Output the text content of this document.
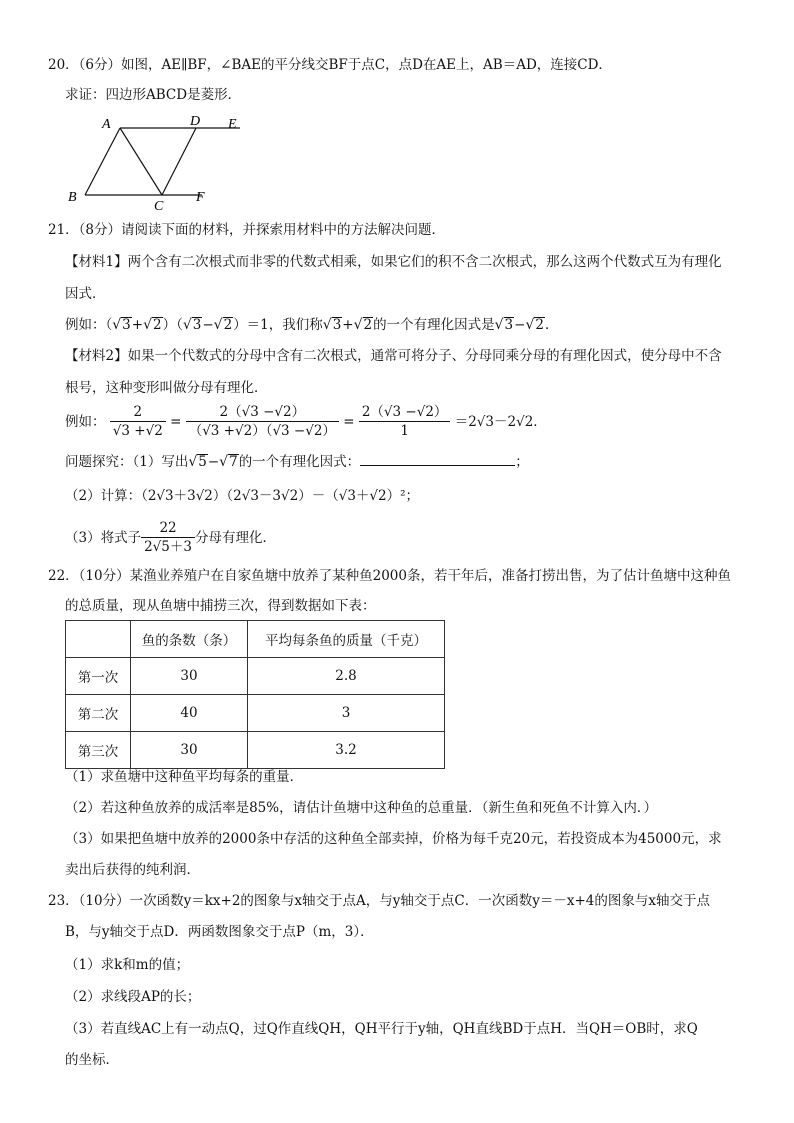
20．（6分）如图，AE∥BF，∠BAE的平分线交BF于点C，点D在AE上，AB＝AD，连接CD．
求证：四边形ABCD是菱形．
A	D E
B
C
F
21．（8分）请阅读下面的材料，并探索用材料中的方法解决问题．
【材料1】两个含有二次根式而非零的代数式相乘，如果它们的积不含二次根式，那么这两个代数式互为有理化
因式．
例如：（√3+√2）（√3−√2）＝1，我们称√3+√2的一个有理化因式是√3−√2．
【材料2】如果一个代数式的分母中含有二次根式，通常可将分子、分母同乘分母的有理化因式，使分母中不含
根号，这种变形叫做分母有理化．
例如： $\frac{2}{√3 +√2} = \frac{2(√3 -√2)}{(√3 +√2)(√3 -√2)} = \frac{2(√3 -√2)}{1} =2√3-2√2$．
问题探究：（1）写出√5−√7的一个有理化因式：	；
（2）计算：（2√3＋3√2）（2√3－3√2）－（√3＋√2）²；
（3）将式子 $\frac{22}{2√5+3}$ 分母有理化．
22．（10分）某渔业养殖户在自家鱼塘中放养了某种鱼2000条，若干年后，准备打捞出售，为了估计鱼塘中这种鱼
的总质量，现从鱼塘中捕捞三次，得到数据如下表：
	鱼的条数（条）	平均每条鱼的质量（千克）
第一次	30	2.8
第二次	40	3
第三次	30	3.2
（1）求鱼塘中这种鱼平均每条的重量．
（2）若这种鱼放养的成活率是85%，请估计鱼塘中这种鱼的总重量．（新生鱼和死鱼不计算入内．）
（3）如果把鱼塘中放养的2000条中存活的这种鱼全部卖掉，价格为每千克20元，若投资成本为45000元，求
卖出后获得的纯利润．
23．（10分）一次函数y＝kx+2的图象与x轴交于点A，与y轴交于点C．一次函数y＝－x+4的图象与x轴交于点
B，与y轴交于点D．两函数图象交于点P（m，3）．
（1）求k和m的值；
（2）求线段AP的长；
（3）若直线AC上有一动点Q，过Q作直线QH，QH平行于y轴，QH直线BD于点H．当QH＝OB时，求Q
的坐标．
